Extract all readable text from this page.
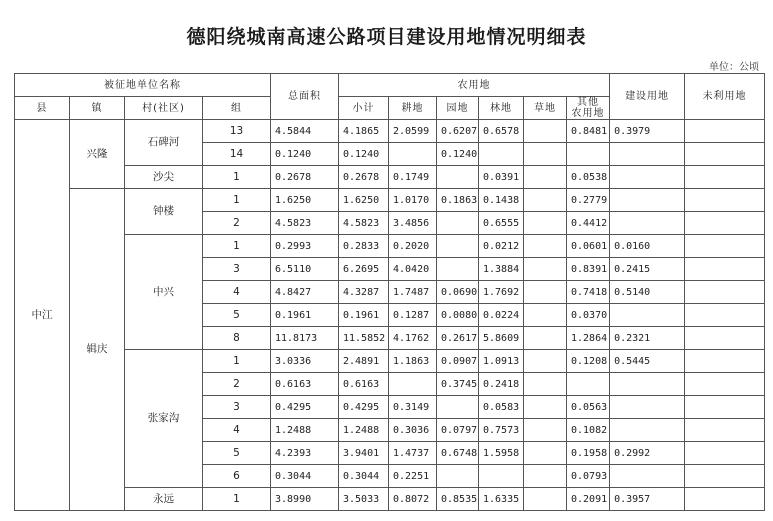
德阳绕城南高速公路项目建设用地情况明细表
单位：公顷
被征地单位名称				总面积	农用地						建设用地	未利用地
县	镇	村(社区)	组		小计	耕地	园地	林地	草地	其他
农用地		
中江	兴隆	石碑河	13	4.5844	4.1865	2.0599	0.6207	0.6578		0.8481	0.3979	
			14	0.1240	0.1240		0.1240					
		沙尖	1	0.2678	0.2678	0.1749		0.0391		0.0538		
	辑庆	钟楼	1	1.6250	1.6250	1.0170	0.1863	0.1438		0.2779		
			2	4.5823	4.5823	3.4856		0.6555		0.4412		
		中兴	1	0.2993	0.2833	0.2020		0.0212		0.0601	0.0160	
			3	6.5110	6.2695	4.0420		1.3884		0.8391	0.2415	
			4	4.8427	4.3287	1.7487	0.0690	1.7692		0.7418	0.5140	
			5	0.1961	0.1961	0.1287	0.0080	0.0224		0.0370		
			8	11.8173	11.5852	4.1762	0.2617	5.8609		1.2864	0.2321	
		张家沟	1	3.0336	2.4891	1.1863	0.0907	1.0913		0.1208	0.5445	
			2	0.6163	0.6163		0.3745	0.2418				
			3	0.4295	0.4295	0.3149		0.0583		0.0563		
			4	1.2488	1.2488	0.3036	0.0797	0.7573		0.1082		
			5	4.2393	3.9401	1.4737	0.6748	1.5958		0.1958	0.2992	
			6	0.3044	0.3044	0.2251				0.0793		
		永远	1	3.8990	3.5033	0.8072	0.8535	1.6335		0.2091	0.3957	
